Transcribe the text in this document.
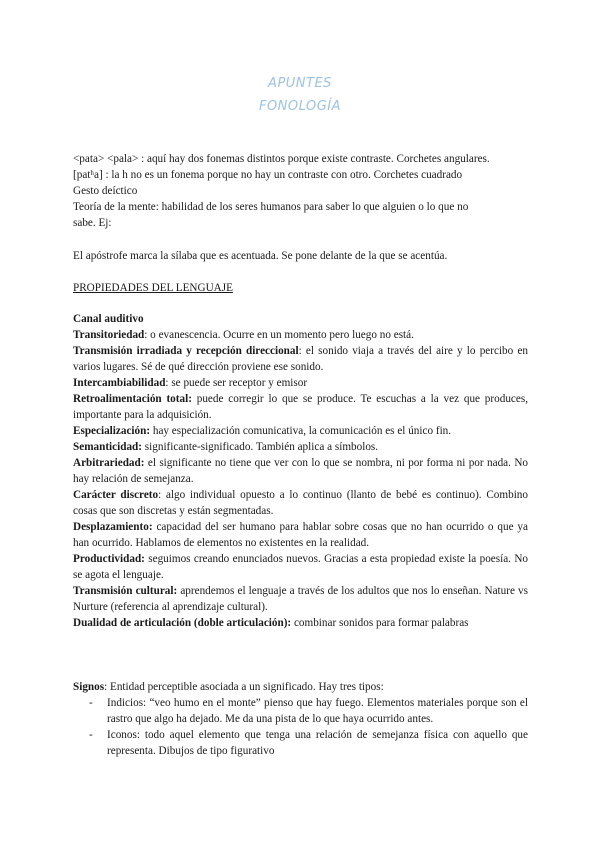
APUNTES
FONOLOGÍA
<pata> <pala> : aquí hay dos fonemas distintos porque existe contraste. Corchetes angulares.
[patʰa] : la h no es un fonema porque no hay un contraste con otro. Corchetes cuadrado
Gesto deíctico
Teoría de la mente: habilidad de los seres humanos para saber lo que alguien o lo que no
sabe. Ej:
El apóstrofe marca la sílaba que es acentuada. Se pone delante de la que se acentúa.
PROPIEDADES DEL LENGUAJE
Canal auditivo
Transitoriedad: o evanescencia. Ocurre en un momento pero luego no está.
Transmisión irradiada y recepción direccional: el sonido viaja a través del aire y lo percibo en varios lugares. Sé de qué dirección proviene ese sonido.
Intercambiabilidad: se puede ser receptor y emisor
Retroalimentación total: puede corregir lo que se produce. Te escuchas a la vez que produces, importante para la adquisición.
Especialización: hay especialización comunicativa, la comunicación es el único fin.
Semanticidad: significante-significado. También aplica a símbolos.
Arbitrariedad: el significante no tiene que ver con lo que se nombra, ni por forma ni por nada. No hay relación de semejanza.
Carácter discreto: algo individual opuesto a lo continuo (llanto de bebé es continuo). Combino cosas que son discretas y están segmentadas.
Desplazamiento: capacidad del ser humano para hablar sobre cosas que no han ocurrido o que ya han ocurrido. Hablamos de elementos no existentes en la realidad.
Productividad: seguimos creando enunciados nuevos. Gracias a esta propiedad existe la poesía. No se agota el lenguaje.
Transmisión cultural: aprendemos el lenguaje a través de los adultos que nos lo enseñan. Nature vs Nurture (referencia al aprendizaje cultural).
Dualidad de articulación (doble articulación): combinar sonidos para formar palabras
Signos: Entidad perceptible asociada a un significado. Hay tres tipos:
- Indicios: “veo humo en el monte” pienso que hay fuego. Elementos materiales porque son el rastro que algo ha dejado. Me da una pista de lo que haya ocurrido antes.
- Iconos: todo aquel elemento que tenga una relación de semejanza física con aquello que representa. Dibujos de tipo figurativo
